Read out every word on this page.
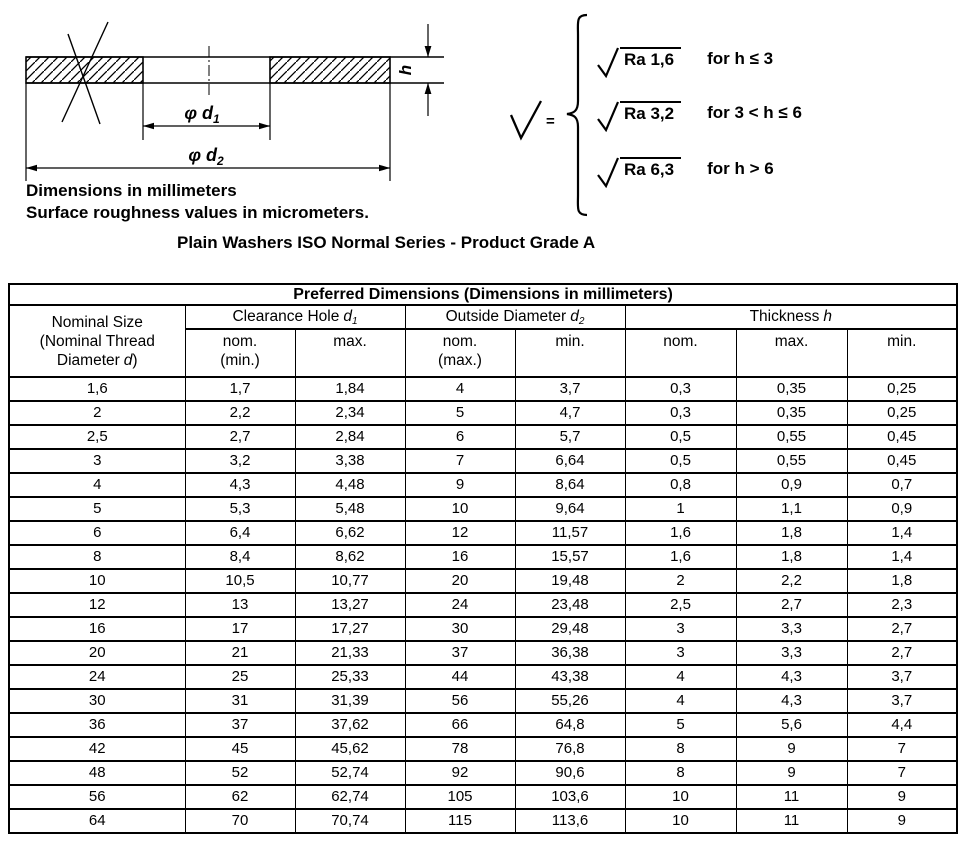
φ $d_1$
φ $d_2$
h
Dimensions in millimeters
Surface roughness values in micrometers.
Plain Washers ISO Normal Series - Product Grade A
=
Ra 1,6	for h ≤ 3
Ra 3,2	for 3 < h ≤ 6
Ra 6,3	for h > 6
Preferred Dimensions (Dimensions in millimeters)							

Nominal Size
(Nominal Thread
Diameter d)	Clearance Hole d1		Outside Diameter d2		Thickness h		

	nom.
(min.)	max.	nom.
(max.)	min.	nom.	max.	min.

1,6	1,7	1,84	4	3,7	0,3	0,35	0,25
2	2,2	2,34	5	4,7	0,3	0,35	0,25
2,5	2,7	2,84	6	5,7	0,5	0,55	0,45
3	3,2	3,38	7	6,64	0,5	0,55	0,45
4	4,3	4,48	9	8,64	0,8	0,9	0,7
5	5,3	5,48	10	9,64	1	1,1	0,9
6	6,4	6,62	12	11,57	1,6	1,8	1,4
8	8,4	8,62	16	15,57	1,6	1,8	1,4
10	10,5	10,77	20	19,48	2	2,2	1,8
12	13	13,27	24	23,48	2,5	2,7	2,3
16	17	17,27	30	29,48	3	3,3	2,7
20	21	21,33	37	36,38	3	3,3	2,7
24	25	25,33	44	43,38	4	4,3	3,7
30	31	31,39	56	55,26	4	4,3	3,7
36	37	37,62	66	64,8	5	5,6	4,4
42	45	45,62	78	76,8	8	9	7
48	52	52,74	92	90,6	8	9	7
56	62	62,74	105	103,6	10	11	9
64	70	70,74	115	113,6	10	11	9
